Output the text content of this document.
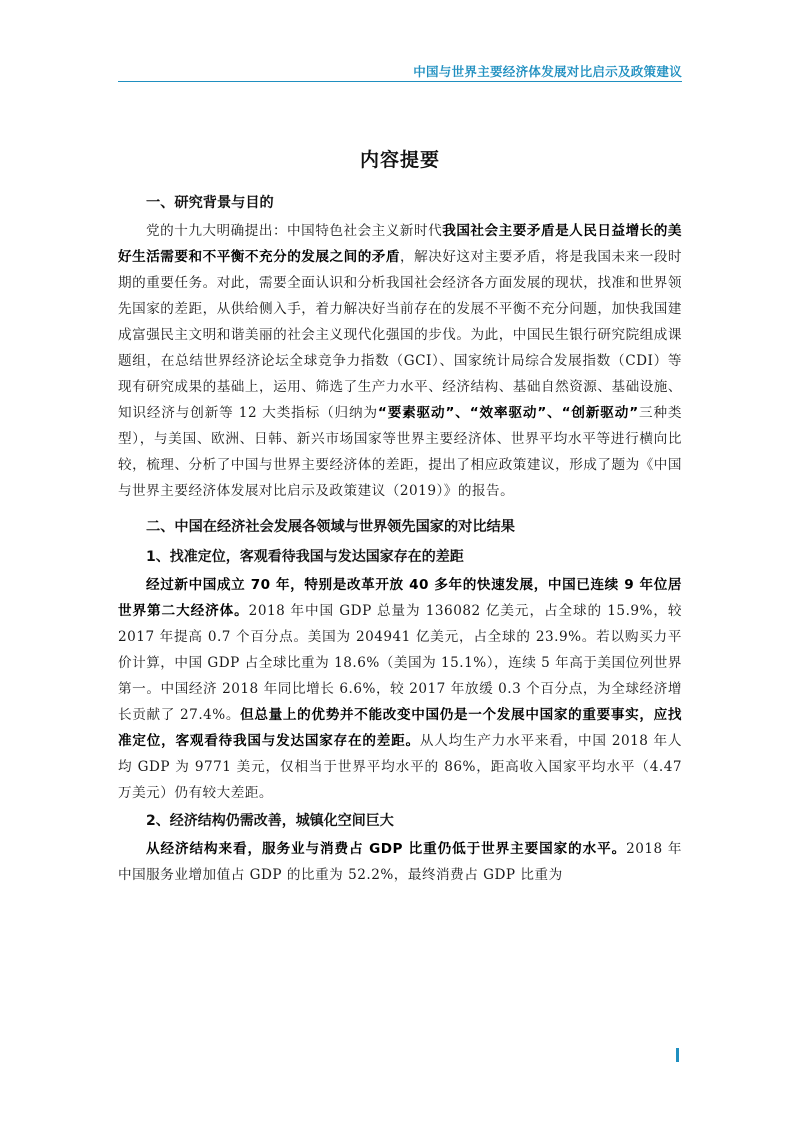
中国与世界主要经济体发展对比启示及政策建议
内容提要
一、研究背景与目的

党的十九大明确提出：中国特色社会主义新时代我国社会主要矛盾是人民日益增长的美好生活需要和不平衡不充分的发展之间的矛盾，解决好这对主要矛盾，将是我国未来一段时期的重要任务。对此，需要全面认识和分析我国社会经济各方面发展的现状，找准和世界领先国家的差距，从供给侧入手，着力解决好当前存在的发展不平衡不充分问题，加快我国建成富强民主文明和谐美丽的社会主义现代化强国的步伐。为此，中国民生银行研究院组成课题组，在总结世界经济论坛全球竞争力指数（GCI）、国家统计局综合发展指数（CDI）等现有研究成果的基础上，运用、筛选了生产力水平、经济结构、基础自然资源、基础设施、知识经济与创新等 12 大类指标（归纳为“要素驱动”、“效率驱动”、“创新驱动”三种类型），与美国、欧洲、日韩、新兴市场国家等世界主要经济体、世界平均水平等进行横向比较，梳理、分析了中国与世界主要经济体的差距，提出了相应政策建议，形成了题为《中国与世界主要经济体发展对比启示及政策建议（2019）》的报告。

二、中国在经济社会发展各领域与世界领先国家的对比结果
1、找准定位，客观看待我国与发达国家存在的差距

经过新中国成立 70 年，特别是改革开放 40 多年的快速发展，中国已连续 9 年位居世界第二大经济体。2018 年中国 GDP 总量为 136082 亿美元，占全球的 15.9%，较 2017 年提高 0.7 个百分点。美国为 204941 亿美元，占全球的 23.9%。若以购买力平价计算，中国 GDP 占全球比重为 18.6%（美国为 15.1%），连续 5 年高于美国位列世界第一。中国经济 2018 年同比增长 6.6%，较 2017 年放缓 0.3 个百分点，为全球经济增长贡献了 27.4%。但总量上的优势并不能改变中国仍是一个发展中国家的重要事实，应找准定位，客观看待我国与发达国家存在的差距。从人均生产力水平来看，中国 2018 年人均 GDP 为 9771 美元，仅相当于世界平均水平的 86%，距高收入国家平均水平（4.47 万美元）仍有较大差距。

2、经济结构仍需改善，城镇化空间巨大

从经济结构来看，服务业与消费占 GDP 比重仍低于世界主要国家的水平。2018 年中国服务业增加值占 GDP 的比重为 52.2%，最终消费占 GDP 比重为
